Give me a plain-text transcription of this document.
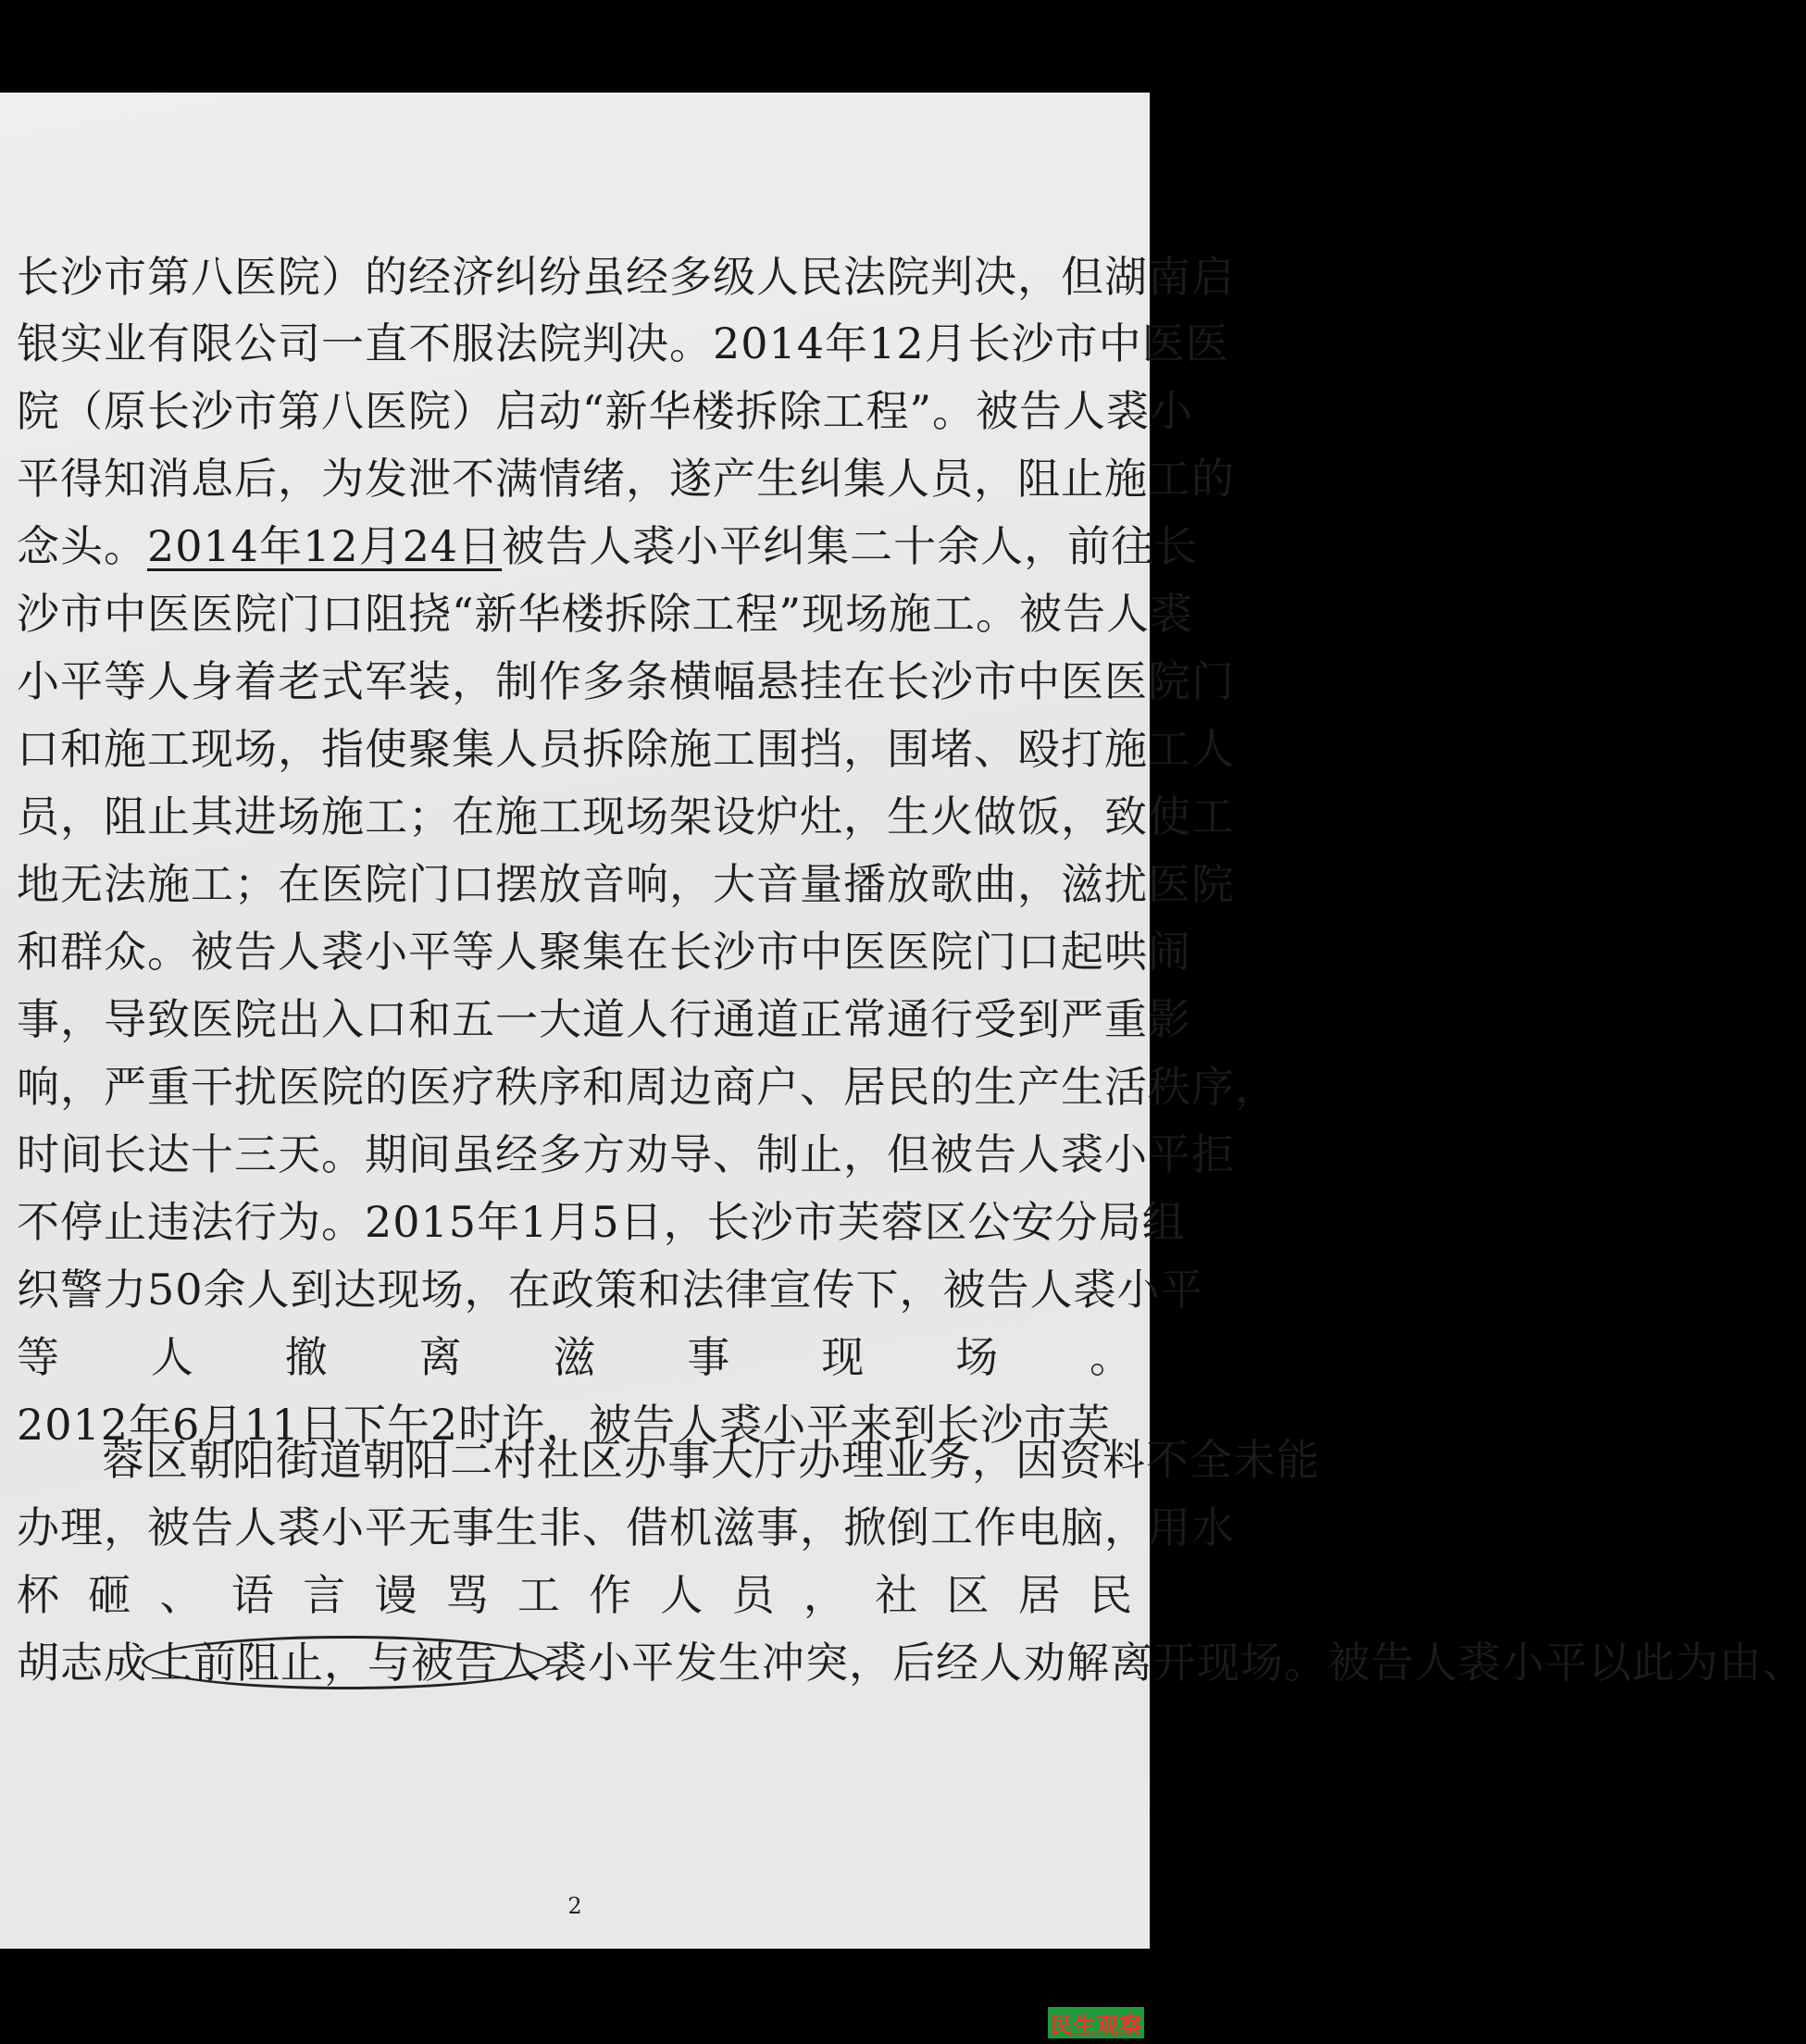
长沙市第八医院）的经济纠纷虽经多级人民法院判决，但湖南启
银实业有限公司一直不服法院判决。2014年12月长沙市中医医
院（原长沙市第八医院）启动“新华楼拆除工程”。被告人裘小
平得知消息后，为发泄不满情绪，遂产生纠集人员，阻止施工的
念头。2014年12月24日被告人裘小平纠集二十余人，前往长
沙市中医医院门口阻挠“新华楼拆除工程”现场施工。被告人裘
小平等人身着老式军装，制作多条横幅悬挂在长沙市中医医院门
口和施工现场，指使聚集人员拆除施工围挡，围堵、殴打施工人
员，阻止其进场施工；在施工现场架设炉灶，生火做饭，致使工
地无法施工；在医院门口摆放音响，大音量播放歌曲，滋扰医院
和群众。被告人裘小平等人聚集在长沙市中医医院门口起哄闹
事，导致医院出入口和五一大道人行通道正常通行受到严重影
响，严重干扰医院的医疗秩序和周边商户、居民的生产生活秩序，
时间长达十三天。期间虽经多方劝导、制止，但被告人裘小平拒
不停止违法行为。2015年1月5日，长沙市芙蓉区公安分局组
织警力50余人到达现场，在政策和法律宣传下，被告人裘小平
等人撤离滋事现场。
2012年6月11日下午2时许，被告人裘小平来到长沙市芙
蓉区朝阳街道朝阳二村社区办事大厅办理业务，因资料不全未能
办理，被告人裘小平无事生非、借机滋事，掀倒工作电脑，用水
杯砸、语言谩骂工作人员，社区居民
胡志成上前阻止，与被告人裘小平发生冲突，后经人劝解离开现场。被告人裘小平以此为由、
2
民生观察
